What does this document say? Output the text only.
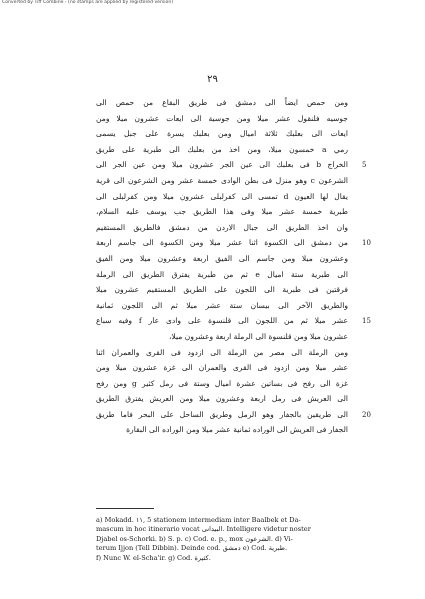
Converted by Tiff Combine - (no stamps are applied by registered version)
٢٩

ومن حمص ايضاً الى دمشق فى طريق البقاع من حمص الى
جوسيه فلنقول عشر ميلا ومن جوسية الى ايعات عشرون ميلا ومن
ايعات الى بعلبك ثلاثة اميال ومن بعلبك يسرة على جبل يسمى
رمي a خمسون ميلا، ومن اخذ من بعلبك الى طبرية على طريق
الخراج b فى بعلبك الى عين الجر عشرون ميلا ومن عين الجر الى
الشرعون c وهو منزل فى بطن الوادى خمسة عشر ومن الشرعون الى قرية
يقال لها العيون d تمسى الى كفرلبلى عشرون ميلا ومن كفرلبلى الى
طبرية خمسة عشر ميلا وفى هذا الطريق جب يوسف عليه السلام،
وان اخذ الطريق الى جبال الاردن من دمشق فالطريق المستقيم
من دمشق الى الكسوة اثنا عشر ميلا ومن الكسوة الى جاسم اربعة
وعشرون ميلا ومن جاسم الى الفيق اربعة وعشرون ميلا ومن الفيق
الى طبرية ستة اميال e ثم من طبرية يفترق الطريق الى الرملة
فرقتين فى طبرية الى اللجون على الطريق المستقيم عشرون ميلا
والطريق الآخر الى بيسان ستة عشر ميلا ثم الى اللجون ثمانية
عشر ميلا ثم من اللجون الى قلنسوة على وادى عار f وفيه سباع
عشرون ميلا ومن قلنسوة الى الرملة اربعة وعشرون ميلا،

ومن الرملة الى مصر من الرملة الى ازدود فى القرى والعمران اثنا
عشر ميلا ومن ازدود فى القرى والعمران الى غزة عشرون ميلا ومن
غزة الى رفح فى بساتين عشرة اميال وستة فى رمل كثير g ومن رفح
الى العريش فى رمل اربعة وعشرون ميلا ومن العريش يفترق الطريق
الى طريقين بالجفار وهو الرمل وطريق الساحل على البحر فاما طريق
الجفار فى العريش الى الوراده ثمانية عشر ميلا ومن الوراده الى البقارة

5
10
15
20

a) Mokadd. ۱۱, 5 stationem intermediam inter Baalbek et Da-
mascum in hoc itinerario vocat البيدانى. Intelligere videtur noster
Djabel os-Schorki. b) S. p. c) Cod. e. p., mox الشرعون. d) Vi-
terum Ijjon (Tell Dibbin). Deinde cod. دمشق e) Cod. طبرية.
f) Nunc W. el-Scha'ir. g) Cod. كثيرة.
